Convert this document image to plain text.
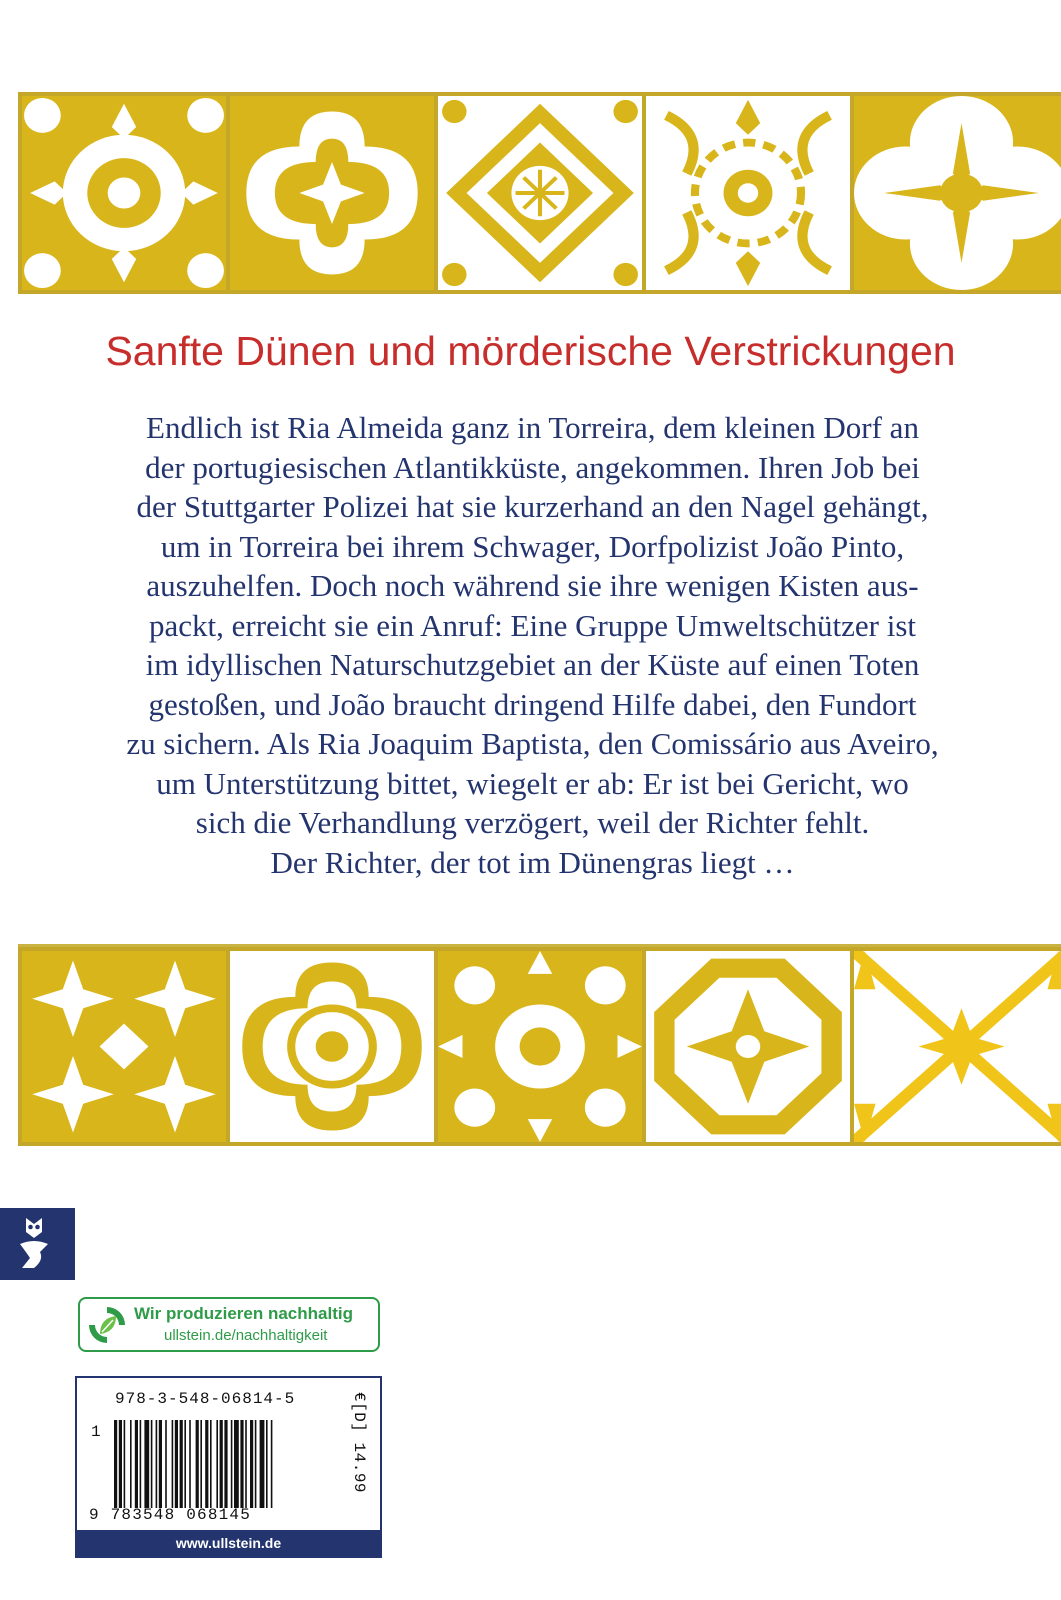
Sanfte Dünen und mörderische Verstrickungen
Endlich ist Ria Almeida ganz in Torreira, dem kleinen Dorf an
der portugiesischen Atlantikküste, angekommen. Ihren Job bei
der Stuttgarter Polizei hat sie kurzerhand an den Nagel gehängt,
um in Torreira bei ihrem Schwager, Dorfpolizist João Pinto,
auszuhelfen. Doch noch während sie ihre wenigen Kisten aus-
packt, erreicht sie ein Anruf: Eine Gruppe Umweltschützer ist
im idyllischen Naturschutzgebiet an der Küste auf einen Toten
gestoßen, und João braucht dringend Hilfe dabei, den Fundort
zu sichern. Als Ria Joaquim Baptista, den Comissário aus Aveiro,
um Unterstützung bittet, wiegelt er ab: Er ist bei Gericht, wo
sich die Verhandlung verzögert, weil der Richter fehlt.
Der Richter, der tot im Dünengras liegt …
Wir produzieren nachhaltig
ullstein.de/nachhaltigkeit
978-3-548-06814-5
1
9 783548 068145
€[D] 14.99
www.ullstein.de
